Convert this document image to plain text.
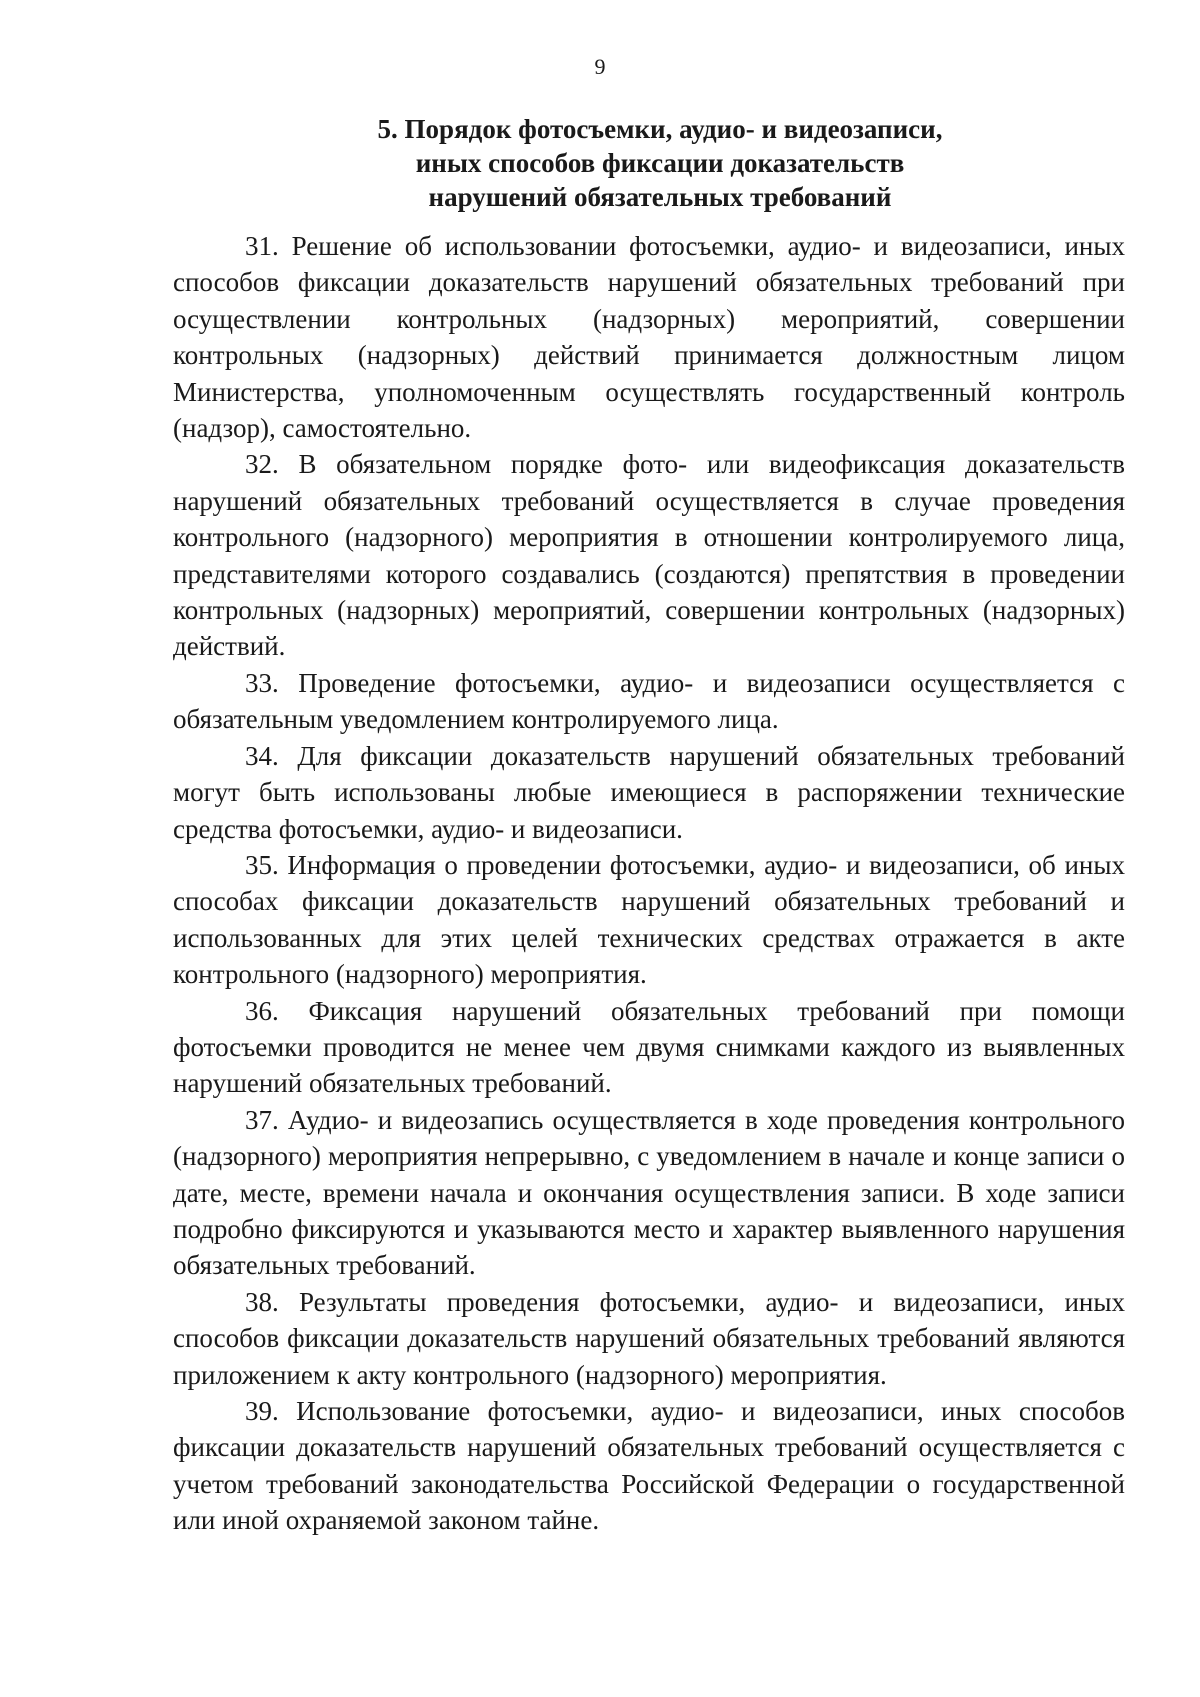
9
5. Порядок фотосъемки, аудио- и видеозаписи,
иных способов фиксации доказательств
нарушений обязательных требований

31. Решение об использовании фотосъемки, аудио- и видеозаписи, иных способов фиксации доказательств нарушений обязательных требований при осуществлении контрольных (надзорных) мероприятий, совершении контрольных (надзорных) действий принимается должностным лицом Министерства, уполномоченным осуществлять государственный контроль (надзор), самостоятельно.

32. В обязательном порядке фото- или видеофиксация доказательств нарушений обязательных требований осуществляется в случае проведения контрольного (надзорного) мероприятия в отношении контролируемого лица, представителями которого создавались (создаются) препятствия в проведении контрольных (надзорных) мероприятий, совершении контрольных (надзорных) действий.

33. Проведение фотосъемки, аудио- и видеозаписи осуществляется с обязательным уведомлением контролируемого лица.

34. Для фиксации доказательств нарушений обязательных требований могут быть использованы любые имеющиеся в распоряжении технические средства фотосъемки, аудио- и видеозаписи.

35. Информация о проведении фотосъемки, аудио- и видеозаписи, об иных способах фиксации доказательств нарушений обязательных требований и использованных для этих целей технических средствах отражается в акте контрольного (надзорного) мероприятия.

36. Фиксация нарушений обязательных требований при помощи фотосъемки проводится не менее чем двумя снимками каждого из выявленных нарушений обязательных требований.

37. Аудио- и видеозапись осуществляется в ходе проведения контрольного (надзорного) мероприятия непрерывно, с уведомлением в начале и конце записи о дате, месте, времени начала и окончания осуществления записи. В ходе записи подробно фиксируются и указываются место и характер выявленного нарушения обязательных требований.

38. Результаты проведения фотосъемки, аудио- и видеозаписи, иных способов фиксации доказательств нарушений обязательных требований являются приложением к акту контрольного (надзорного) мероприятия.

39. Использование фотосъемки, аудио- и видеозаписи, иных способов фиксации доказательств нарушений обязательных требований осуществляется с учетом требований законодательства Российской Федерации о государственной или иной охраняемой законом тайне.
